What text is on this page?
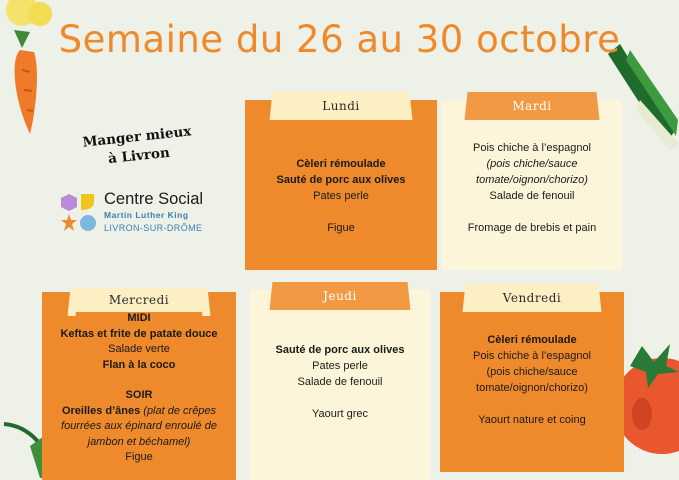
Semaine du 26 au 30 octobre
Manger mieux
à Livron
Centre Social
Martin Luther King
LIVRON-SUR-DRÔME
Lundi
Cèleri rémoulade
Sauté de porc aux olives
Pates perle
Figue
Mardi
Pois chiche à l’espagnol
(pois chiche/sauce
tomate/oignon/chorizo)
Salade de fenouil
Fromage de brebis et pain
Mercredi
MIDI
Keftas et frite de patate douce
Salade verte
Flan à la coco
SOIR
Oreilles d’ânes (plat de crêpes
fourrées aux épinard enroulé de
jambon et béchamel)
Figue
Jeudi
Sauté de porc aux olives
Pates perle
Salade de fenouil
Yaourt grec
Vendredi
Cèleri rémoulade
Pois chiche à l’espagnol
(pois chiche/sauce
tomate/oignon/chorizo)
Yaourt nature et coing
